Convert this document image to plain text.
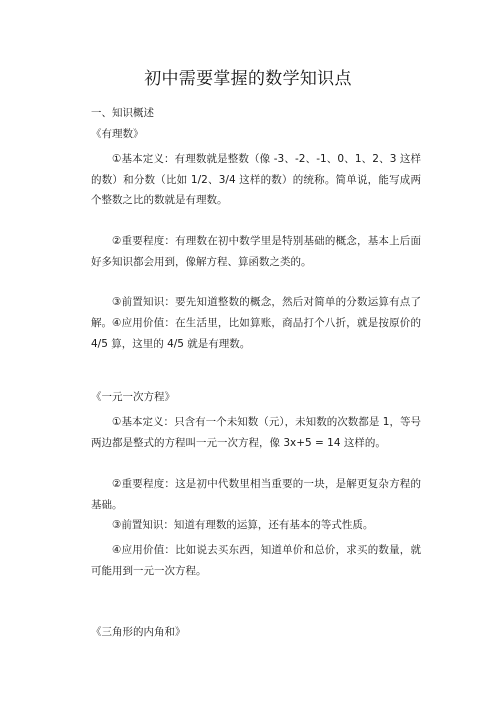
初中需要掌握的数学知识点
一、知识概述
《有理数》
①基本定义：有理数就是整数（像 -3、-2、-1、0、1、2、3 这样的数）和分数（比如 1/2、3/4 这样的数）的统称。简单说，能写成两个整数之比的数就是有理数。
②重要程度：有理数在初中数学里是特别基础的概念，基本上后面好多知识都会用到，像解方程、算函数之类的。
③前置知识：要先知道整数的概念，然后对简单的分数运算有点了解。 ④应用价值：在生活里，比如算账，商品打个八折，就是按原价的 4/5 算，这里的 4/5 就是有理数。
《一元一次方程》
①基本定义：只含有一个未知数（元），未知数的次数都是 1，等号两边都是整式的方程叫一元一次方程，像 3x+5 = 14 这样的。
②重要程度：这是初中代数里相当重要的一块，是解更复杂方程的基础。
③前置知识：知道有理数的运算，还有基本的等式性质。
④应用价值：比如说去买东西，知道单价和总价，求买的数量，就可能用到一元一次方程。
《三角形的内角和》
